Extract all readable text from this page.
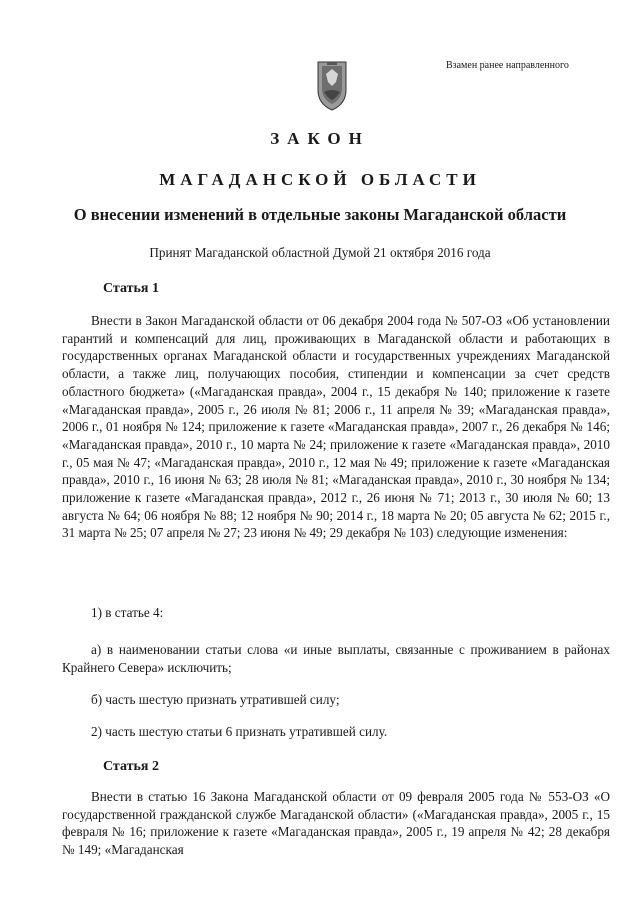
Взамен ранее направленного
ЗАКОН
МАГАДАНСКОЙ ОБЛАСТИ
О внесении изменений в отдельные законы Магаданской области
Принят Магаданской областной Думой 21 октября 2016 года
Статья 1
Внести в Закон Магаданской области от 06 декабря 2004 года № 507-ОЗ «Об установлении гарантий и компенсаций для лиц, проживающих в Магаданской области и работающих в государственных органах Магаданской области и государственных учреждениях Магаданской области, а также лиц, получающих пособия, стипендии и компенсации за счет средств областного бюджета» («Магаданская правда», 2004 г., 15 декабря № 140; приложение к газете «Магаданская правда», 2005 г., 26 июля № 81; 2006 г., 11 апреля № 39; «Магаданская правда», 2006 г., 01 ноября № 124; приложение к газете «Магаданская правда», 2007 г., 26 декабря № 146; «Магаданская правда», 2010 г., 10 марта № 24; приложение к газете «Магаданская правда», 2010 г., 05 мая № 47; «Магаданская правда», 2010 г., 12 мая № 49; приложение к газете «Магаданская правда», 2010 г., 16 июня № 63; 28 июля № 81; «Магаданская правда», 2010 г., 30 ноября № 134; приложение к газете «Магаданская правда», 2012 г., 26 июня № 71; 2013 г., 30 июля № 60; 13 августа № 64; 06 ноября № 88; 12 ноября № 90; 2014 г., 18 марта № 20; 05 августа № 62; 2015 г., 31 марта № 25; 07 апреля № 27; 23 июня № 49; 29 декабря № 103) следующие изменения:
1) в статье 4:
а) в наименовании статьи слова «и иные выплаты, связанные с проживанием в районах Крайнего Севера» исключить;
б) часть шестую признать утратившей силу;
2) часть шестую статьи 6 признать утратившей силу.
Статья 2
Внести в статью 16 Закона Магаданской области от 09 февраля 2005 года № 553-ОЗ «О государственной гражданской службе Магаданской области» («Магаданская правда», 2005 г., 15 февраля № 16; приложение к газете «Магаданская правда», 2005 г., 19 апреля № 42; 28 декабря № 149; «Магаданская
